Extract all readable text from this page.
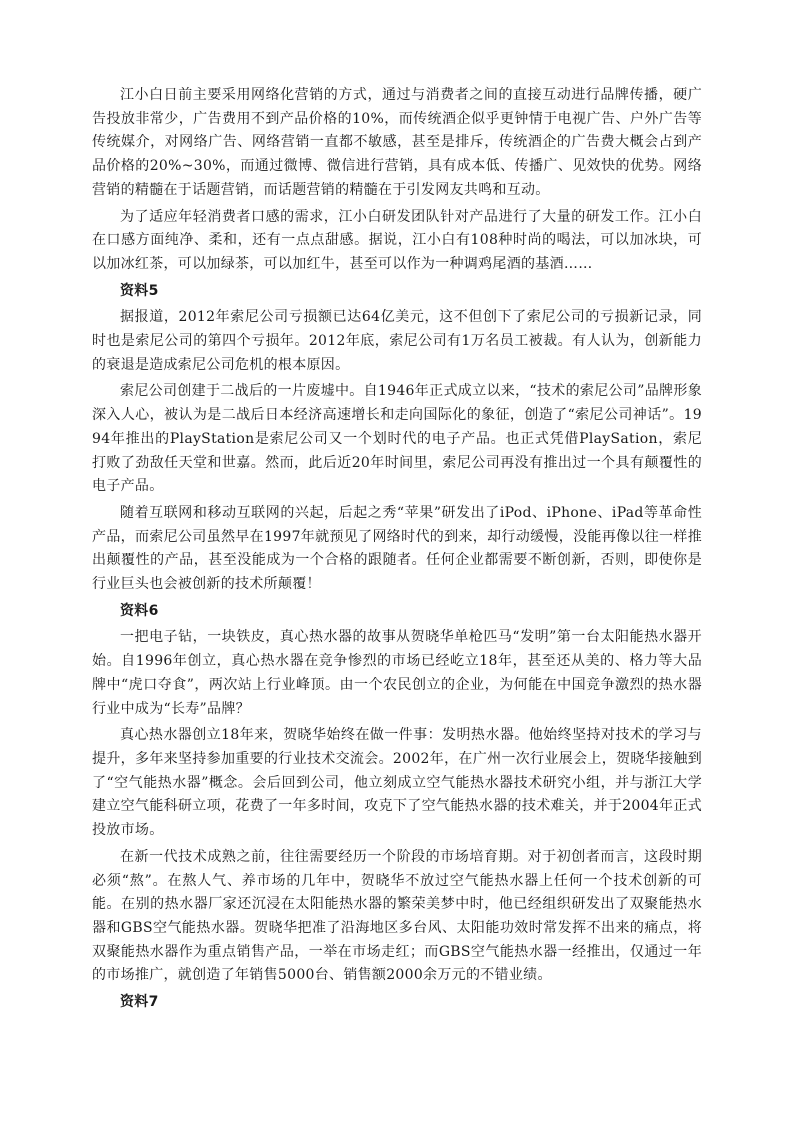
江小白日前主要采用网络化营销的方式，通过与消费者之间的直接互动进行品牌传播，硬广告投放非常少，广告费用不到产品价格的10%，而传统酒企似乎更钟情于电视广告、户外广告等传统媒介，对网络广告、网络营销一直都不敏感，甚至是排斥，传统酒企的广告费大概会占到产品价格的20%~30%，而通过微博、微信进行营销，具有成本低、传播广、见效快的优势。网络营销的精髓在于话题营销，而话题营销的精髓在于引发网友共鸣和互动。

为了适应年轻消费者口感的需求，江小白研发团队针对产品进行了大量的研发工作。江小白在口感方面纯净、柔和，还有一点点甜感。据说，江小白有108种时尚的喝法，可以加冰块，可以加冰红茶，可以加绿茶，可以加红牛，甚至可以作为一种调鸡尾酒的基酒……

资料5

据报道，2012年索尼公司亏损额已达64亿美元，这不但创下了索尼公司的亏损新记录，同时也是索尼公司的第四个亏损年。2012年底，索尼公司有1万名员工被裁。有人认为，创新能力的衰退是造成索尼公司危机的根本原因。

索尼公司创建于二战后的一片废墟中。自1946年正式成立以来，“技术的索尼公司”品牌形象深入人心，被认为是二战后日本经济高速增长和走向国际化的象征，创造了“索尼公司神话”。1994年推出的PlayStation是索尼公司又一个划时代的电子产品。也正式凭借PlaySation，索尼打败了劲敌任天堂和世嘉。然而，此后近20年时间里，索尼公司再没有推出过一个具有颠覆性的电子产品。

随着互联网和移动互联网的兴起，后起之秀“苹果”研发出了iPod、iPhone、iPad等革命性产品，而索尼公司虽然早在1997年就预见了网络时代的到来，却行动缓慢，没能再像以往一样推出颠覆性的产品，甚至没能成为一个合格的跟随者。任何企业都需要不断创新，否则，即使你是行业巨头也会被创新的技术所颠覆！

资料6

一把电子钻，一块铁皮，真心热水器的故事从贺晓华单枪匹马“发明”第一台太阳能热水器开始。自1996年创立，真心热水器在竞争惨烈的市场已经屹立18年，甚至还从美的、格力等大品牌中“虎口夺食”，两次站上行业峰顶。由一个农民创立的企业，为何能在中国竞争激烈的热水器行业中成为“长寿”品牌？

真心热水器创立18年来，贺晓华始终在做一件事：发明热水器。他始终坚持对技术的学习与提升，多年来坚持参加重要的行业技术交流会。2002年，在广州一次行业展会上，贺晓华接触到了“空气能热水器”概念。会后回到公司，他立刻成立空气能热水器技术研究小组，并与浙江大学建立空气能科研立项，花费了一年多时间，攻克下了空气能热水器的技术难关，并于2004年正式投放市场。

在新一代技术成熟之前，往往需要经历一个阶段的市场培育期。对于初创者而言，这段时期必须“熬”。在熬人气、养市场的几年中，贺晓华不放过空气能热水器上任何一个技术创新的可能。在别的热水器厂家还沉浸在太阳能热水器的繁荣美梦中时，他已经组织研发出了双聚能热水器和GBS空气能热水器。贺晓华把准了沿海地区多台风、太阳能功效时常发挥不出来的痛点，将双聚能热水器作为重点销售产品，一举在市场走红；而GBS空气能热水器一经推出，仅通过一年的市场推广，就创造了年销售5000台、销售额2000余万元的不错业绩。

资料7
